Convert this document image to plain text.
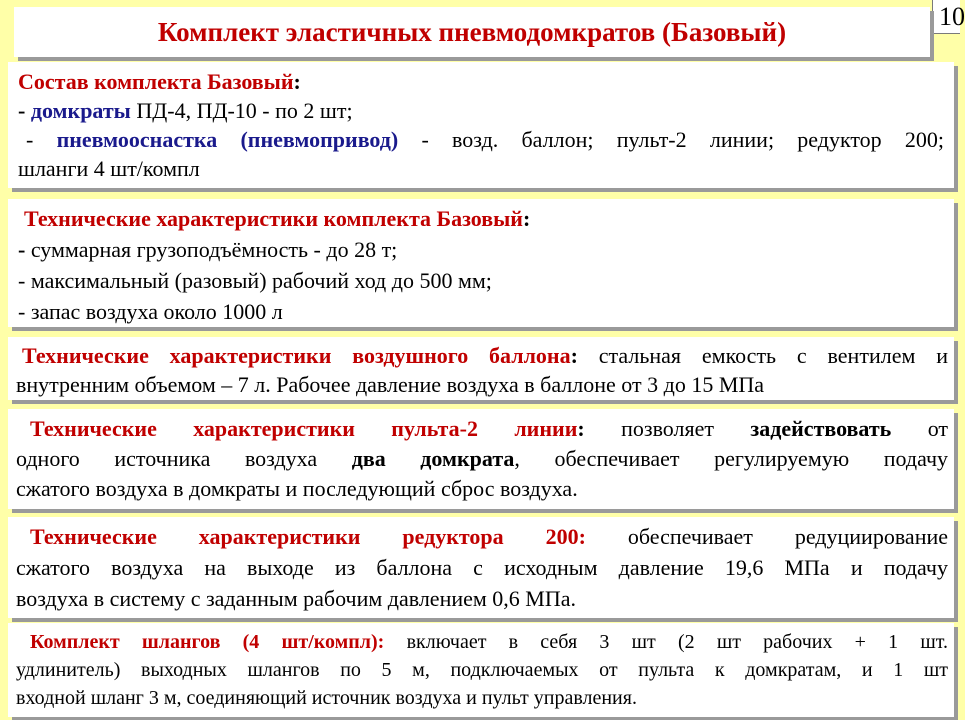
10
Комплект эластичных пневмодомкратов (Базовый)
Состав комплекта Базовый:
- домкраты ПД-4, ПД-10 - по 2 шт;
- пневмооснастка (пневмопривод) - возд. баллон; пульт-2 линии; редуктор 200;
шланги 4 шт/компл
Технические характеристики комплекта Базовый:
- суммарная грузоподъёмность - до 28 т;
- максимальный (разовый) рабочий ход до 500 мм;
- запас воздуха около 1000 л
Технические характеристики воздушного баллона: стальная емкость с вентилем и
внутренним объемом – 7 л. Рабочее давление воздуха в баллоне от 3 до 15 МПа
Технические характеристики пульта-2 линии: позволяет задействовать от
одного источника воздуха два домкрата, обеспечивает регулируемую подачу
сжатого воздуха в домкраты и последующий сброс воздуха.
Технические характеристики редуктора 200: обеспечивает редуциирование
сжатого воздуха на выходе из баллона с исходным давление 19,6 МПа и подачу
воздуха в систему с заданным рабочим давлением 0,6 МПа.
Комплект шлангов (4 шт/компл): включает в себя 3 шт (2 шт рабочих + 1 шт.
удлинитель) выходных шлангов по 5 м, подключаемых от пульта к домкратам, и 1 шт
входной шланг 3 м, соединяющий источник воздуха и пульт управления.
